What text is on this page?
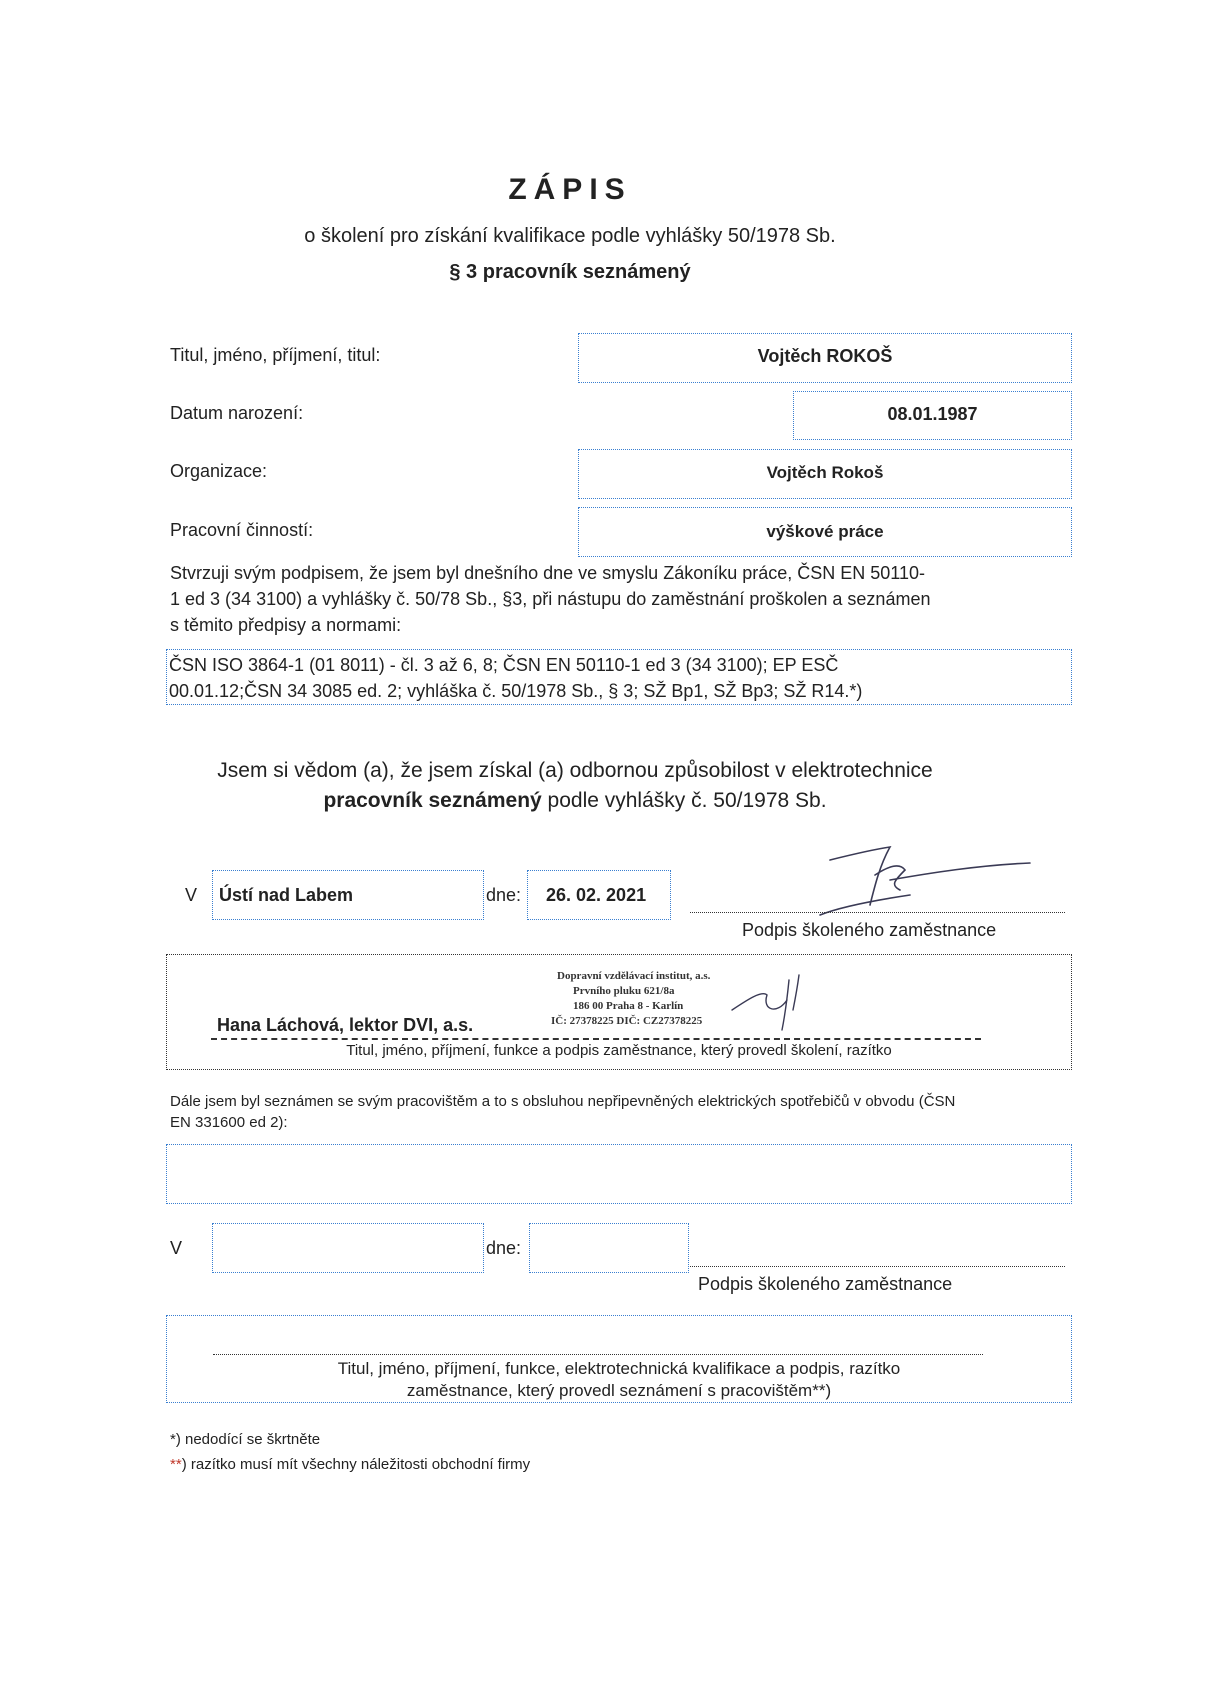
ZÁPIS
o školení pro získání kvalifikace podle vyhlášky 50/1978 Sb.
§ 3 pracovník seznámený
Titul, jméno, příjmení, titul:	Vojtěch ROKOŠ
Datum narození:	08.01.1987
Organizace:	Vojtěch Rokoš
Pracovní činností:	výškové práce
Stvrzuji svým podpisem, že jsem byl dnešního dne ve smyslu Zákoníku práce, ČSN EN 50110-
1 ed 3 (34 3100) a vyhlášky č. 50/78 Sb., §3, při nástupu do zaměstnání proškolen a seznámen
s těmito předpisy a normami:
ČSN ISO 3864-1 (01 8011) - čl. 3 až 6, 8; ČSN EN 50110-1 ed 3 (34 3100); EP ESČ
00.01.12;ČSN 34 3085 ed. 2; vyhláška č. 50/1978 Sb., § 3; SŽ Bp1, SŽ Bp3; SŽ R14.*)
Jsem si vědom (a), že jsem získal (a) odbornou způsobilost v elektrotechnice
pracovník seznámený podle vyhlášky č. 50/1978 Sb.
V Ústí nad Labem	dne: 26. 02. 2021
Podpis školeného zaměstnance
Hana Láchová, lektor DVI, a.s.
Dopravní vzdělávací institut, a.s.
Prvního pluku 621/8a
186 00 Praha 8 - Karlín
IČ: 27378225 DIČ: CZ27378225
Titul, jméno, příjmení, funkce a podpis zaměstnance, který provedl školení, razítko
Dále jsem byl seznámen se svým pracovištěm a to s obsluhou nepřipevněných elektrických spotřebičů v obvodu (ČSN
EN 331600 ed 2):
V	dne:
Podpis školeného zaměstnance
Titul, jméno, příjmení, funkce, elektrotechnická kvalifikace a podpis, razítko
zaměstnance, který provedl seznámení s pracovištěm**)
*) nedodící se škrtněte
**) razítko musí mít všechny náležitosti obchodní firmy
